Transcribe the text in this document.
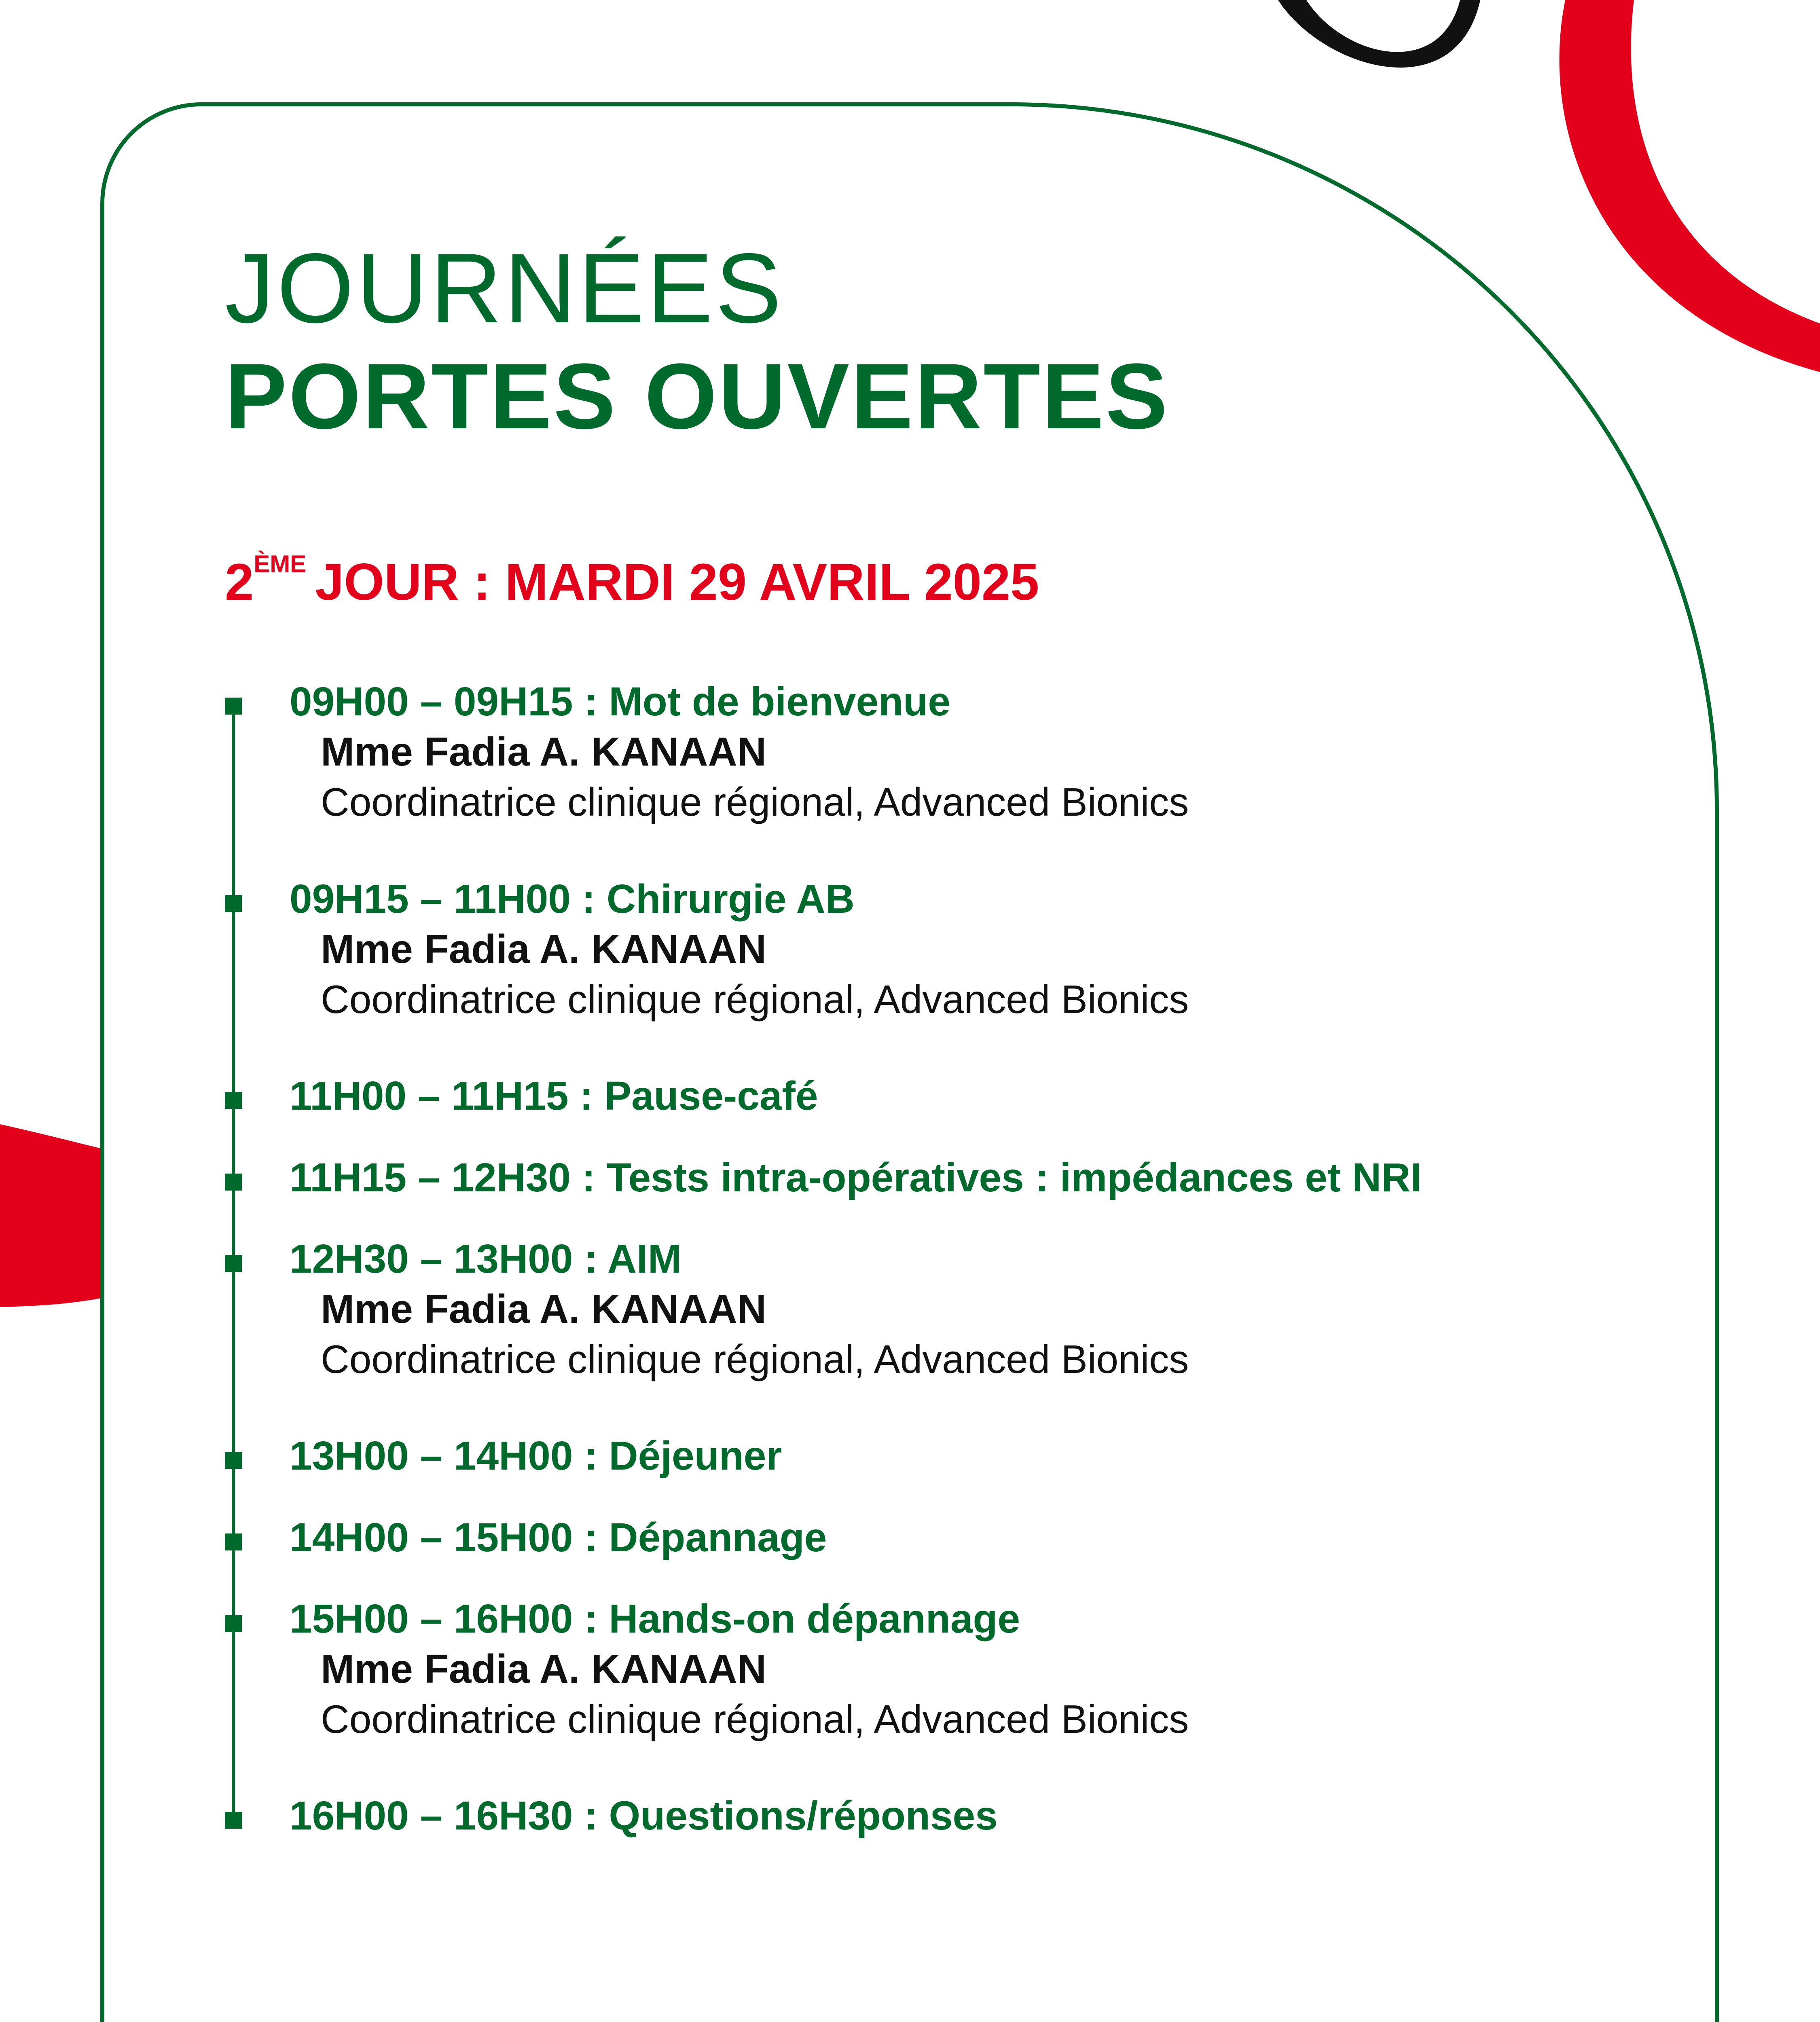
JOURNÉES
PORTES OUVERTES

2ÈME JOUR : MARDI 29 AVRIL 2025

09H00 – 09H15 : Mot de bienvenue
Mme Fadia A. KANAAN
Coordinatrice clinique régional, Advanced Bionics
09H15 – 11H00 : Chirurgie AB
Mme Fadia A. KANAAN
Coordinatrice clinique régional, Advanced Bionics
11H00 – 11H15 : Pause-café
11H15 – 12H30 : Tests intra-opératives : impédances et NRI
12H30 – 13H00 : AIM
Mme Fadia A. KANAAN
Coordinatrice clinique régional, Advanced Bionics
13H00 – 14H00 : Déjeuner
14H00 – 15H00 : Dépannage
15H00 – 16H00 : Hands-on dépannage
Mme Fadia A. KANAAN
Coordinatrice clinique régional, Advanced Bionics
16H00 – 16H30 : Questions/réponses
